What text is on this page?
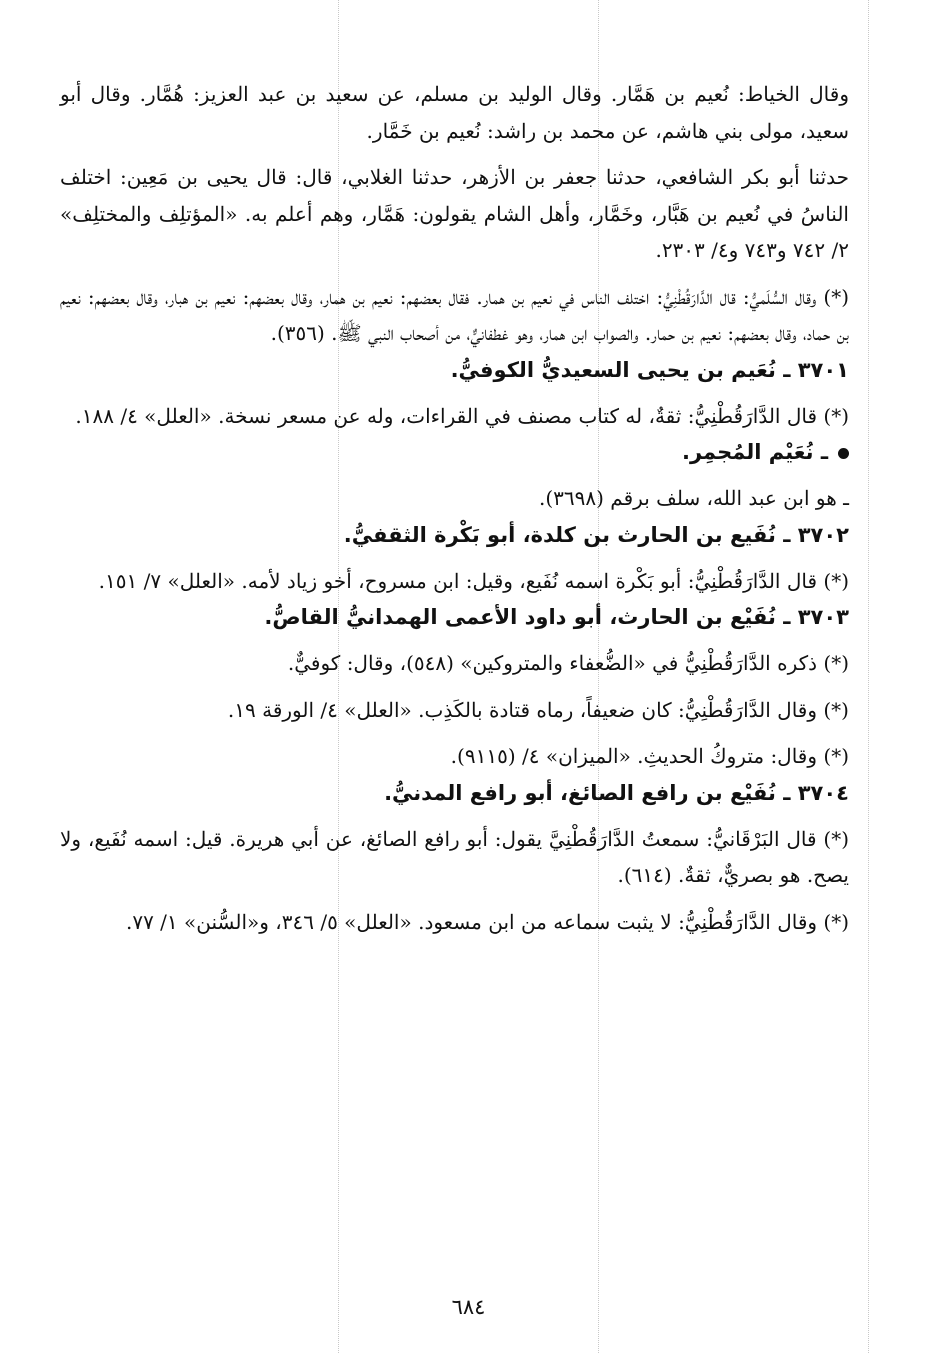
وقال الخياط: نُعيم بن هَمَّار. وقال الوليد بن مسلم، عن سعيد بن عبد العزيز: هُمَّار. وقال أبو سعيد، مولى بني هاشم، عن محمد بن راشد: نُعيم بن خَمَّار.

حدثنا أبو بكر الشافعي، حدثنا جعفر بن الأزهر، حدثنا الغلابي، قال: قال يحيى بن مَعِين: اختلف الناسُ في نُعيم بن هَبَّار، وخَمَّار، وأهل الشام يقولون: هَمَّار، وهم أعلم به. «المؤتلِف والمختلِف» ٢/ ٧٤٢ و٧٤٣ و٤/ ٢٣٠٣.

(*) وقال السُّلَميُّ: قال الدَّارَقُطْنِيُّ: اختلف الناس في نعيم بن همار. فقال بعضهم: نعيم بن همار، وقال بعضهم: نعيم بن هبار، وقال بعضهم: نعيم بن حماد، وقال بعضهم: نعيم بن حمار. والصواب ابن همار، وهو غطفانيٌّ، من أصحاب النبي ﷺ. (٣٥٦).

٣٧٠١ ـ نُعَيم بن يحيى السعيديُّ الكوفيُّ.

(*) قال الدَّارَقُطْنِيُّ: ثقةٌ، له كتاب مصنف في القراءات، وله عن مسعر نسخة. «العلل» ٤/ ١٨٨.

ـ نُعَيْم المُجمِر.

ـ هو ابن عبد الله، سلف برقم (٣٦٩٨).

٣٧٠٢ ـ نُفَيع بن الحارث بن كلدة، أبو بَكْرة الثقفيُّ.

(*) قال الدَّارَقُطْنِيُّ: أبو بَكْرة اسمه نُفَيع، وقيل: ابن مسروح، أخو زياد لأمه. «العلل» ٧/ ١٥١.

٣٧٠٣ ـ نُفَيْع بن الحارث، أبو داود الأعمى الهمدانيُّ القاصُّ.

(*) ذكره الدَّارَقُطْنِيُّ في «الضُّعفاء والمتروكين» (٥٤٨)، وقال: كوفيٌّ.

(*) وقال الدَّارَقُطْنِيُّ: كان ضعيفاً، رماه قتادة بالكَذِب. «العلل» ٤/ الورقة ١٩.

(*) وقال: متروكُ الحديثِ. «الميزان» ٤/ (٩١١٥).

٣٧٠٤ ـ نُفَيْع بن رافع الصائغ، أبو رافع المدنيُّ.

(*) قال البَرْقَانيُّ: سمعتُ الدَّارَقُطْنِيَّ يقول: أبو رافع الصائغ، عن أبي هريرة. قيل: اسمه نُفَيع، ولا يصح. هو بصريٌّ، ثقةٌ. (٦١٤).

(*) وقال الدَّارَقُطْنِيُّ: لا يثبت سماعه من ابن مسعود. «العلل» ٥/ ٣٤٦، و«السُّنن» ١/ ٧٧.

٦٨٤
